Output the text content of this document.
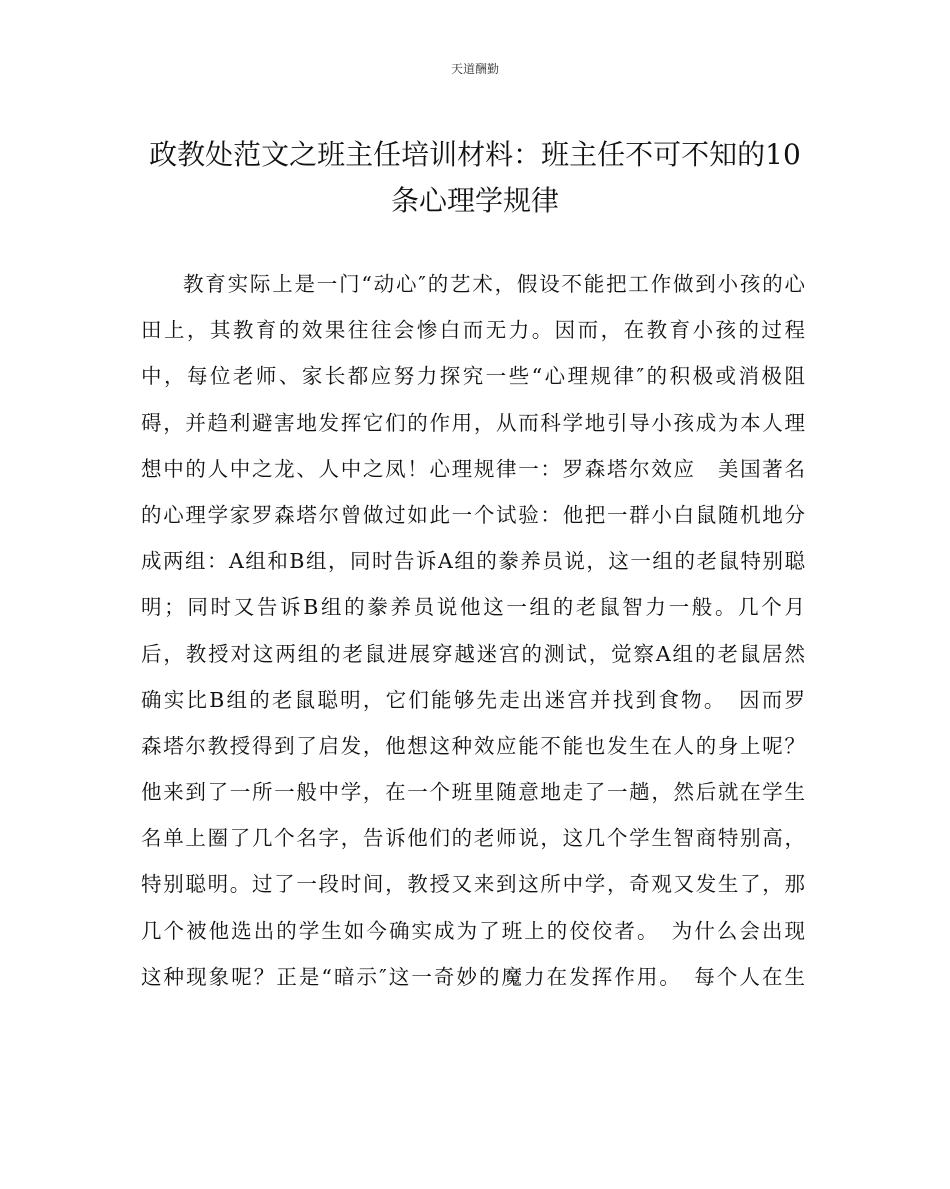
天道酬勤
政教处范文之班主任培训材料：班主任不可不知的10
条心理学规律
教育实际上是一门“动心″的艺术，假设不能把工作做到小孩的心
田上，其教育的效果往往会惨白而无力。因而，在教育小孩的过程
中，每位老师、家长都应努力探究一些“心理规律″的积极或消极阻
碍，并趋利避害地发挥它们的作用，从而科学地引导小孩成为本人理
想中的人中之龙、人中之凤！心理规律一：罗森塔尔效应　美国著名
的心理学家罗森塔尔曾做过如此一个试验：他把一群小白鼠随机地分
成两组：A组和B组，同时告诉A组的豢养员说，这一组的老鼠特别聪
明；同时又告诉B组的豢养员说他这一组的老鼠智力一般。几个月
后，教授对这两组的老鼠进展穿越迷宫的测试，觉察A组的老鼠居然
确实比B组的老鼠聪明，它们能够先走出迷宫并找到食物。　因而罗
森塔尔教授得到了启发，他想这种效应能不能也发生在人的身上呢？
他来到了一所一般中学，在一个班里随意地走了一趟，然后就在学生
名单上圈了几个名字，告诉他们的老师说，这几个学生智商特别高，
特别聪明。过了一段时间，教授又来到这所中学，奇观又发生了，那
几个被他选出的学生如今确实成为了班上的佼佼者。　为什么会出现
这种现象呢？正是“暗示″这一奇妙的魔力在发挥作用。　每个人在生
